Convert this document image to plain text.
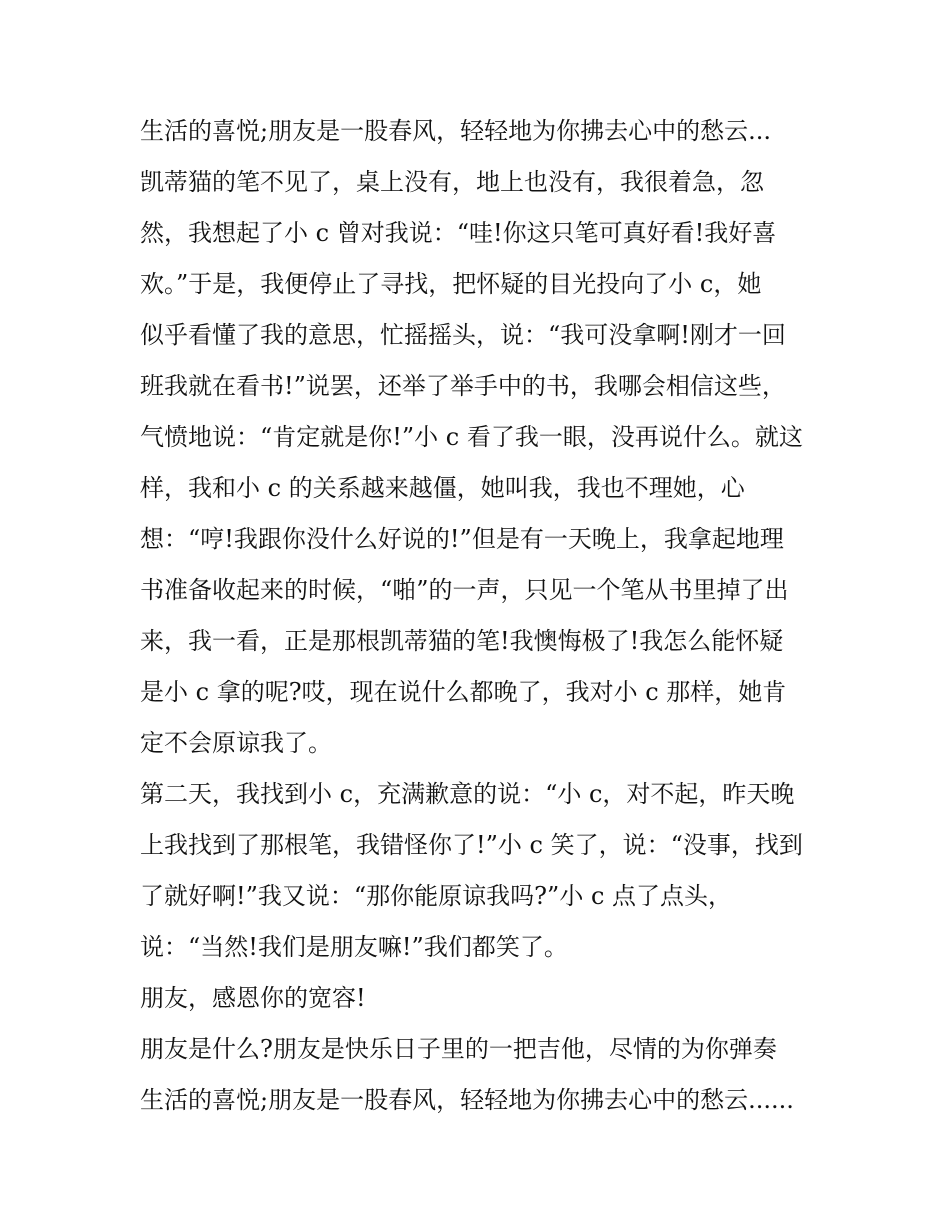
生活的喜悦;朋友是一股春风，轻轻地为你拂去心中的愁云...
凯蒂猫的笔不见了，桌上没有，地上也没有，我很着急，忽
然，我想起了小 c 曾对我说：“哇!你这只笔可真好看!我好喜
欢。”于是，我便停止了寻找，把怀疑的目光投向了小 c，她
似乎看懂了我的意思，忙摇摇头，说：“我可没拿啊!刚才一回
班我就在看书!”说罢，还举了举手中的书，我哪会相信这些，
气愤地说：“肯定就是你!”小 c 看了我一眼，没再说什么。就这
样，我和小 c 的关系越来越僵，她叫我，我也不理她，心
想：“哼!我跟你没什么好说的!”但是有一天晚上，我拿起地理
书准备收起来的时候，“啪”的一声，只见一个笔从书里掉了出
来，我一看，正是那根凯蒂猫的笔!我懊悔极了!我怎么能怀疑
是小 c 拿的呢?哎，现在说什么都晚了，我对小 c 那样，她肯
定不会原谅我了。
第二天，我找到小 c，充满歉意的说：“小 c，对不起，昨天晚
上我找到了那根笔，我错怪你了!”小 c 笑了，说：“没事，找到
了就好啊!”我又说：“那你能原谅我吗?”小 c 点了点头，
说：“当然!我们是朋友嘛!”我们都笑了。
朋友，感恩你的宽容!
朋友是什么?朋友是快乐日子里的一把吉他，尽情的为你弹奏
生活的喜悦;朋友是一股春风，轻轻地为你拂去心中的愁云......
